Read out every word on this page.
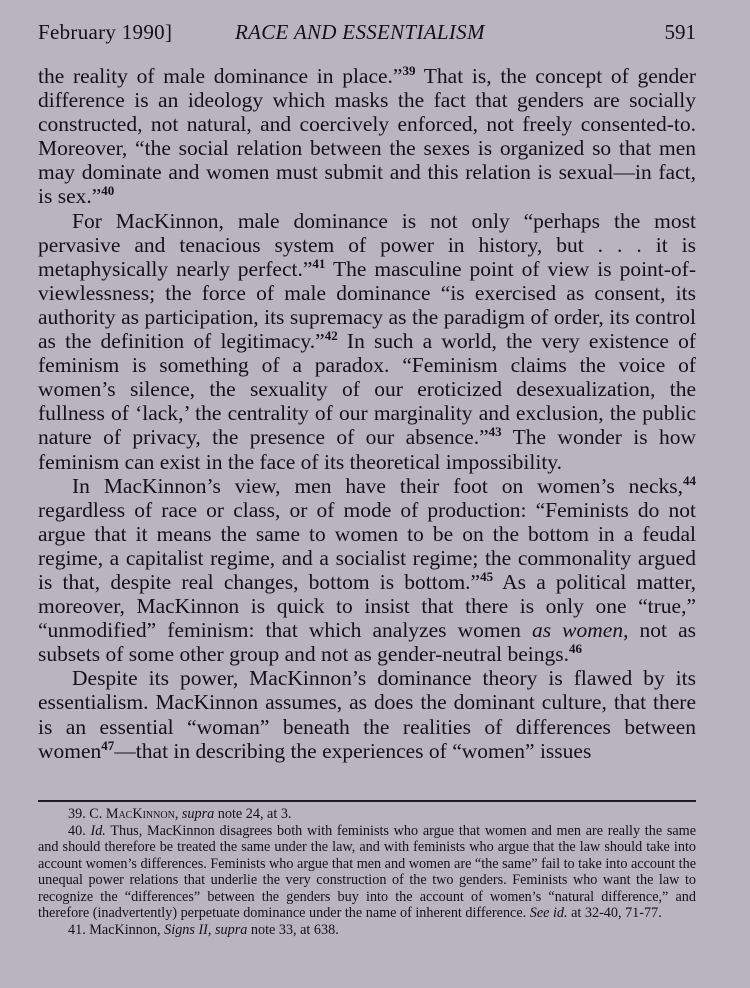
February 1990]	RACE AND ESSENTIALISM	591

the reality of male dominance in place.”$^{39}$ That is, the concept of gender difference is an ideology which masks the fact that genders are socially constructed, not natural, and coercively enforced, not freely consented-to. Moreover, “the social relation between the sexes is organized so that men may dominate and women must submit and this relation is sexual—in fact, is sex.”$^{40}$

For MacKinnon, male dominance is not only “perhaps the most pervasive and tenacious system of power in history, but . . . it is metaphysically nearly perfect.”$^{41}$ The masculine point of view is point-of-viewlessness; the force of male dominance “is exercised as consent, its authority as participation, its supremacy as the paradigm of order, its control as the definition of legitimacy.”$^{42}$ In such a world, the very existence of feminism is something of a paradox. “Feminism claims the voice of women’s silence, the sexuality of our eroticized desexualization, the fullness of ‘lack,’ the centrality of our marginality and exclusion, the public nature of privacy, the presence of our absence.”$^{43}$ The wonder is how feminism can exist in the face of its theoretical impossibility.

In MacKinnon’s view, men have their foot on women’s necks,$^{44}$ regardless of race or class, or of mode of production: “Feminists do not argue that it means the same to women to be on the bottom in a feudal regime, a capitalist regime, and a socialist regime; the commonality argued is that, despite real changes, bottom is bottom.”$^{45}$ As a political matter, moreover, MacKinnon is quick to insist that there is only one “true,” “unmodified” feminism: that which analyzes women as women, not as subsets of some other group and not as gender-neutral beings.$^{46}$

Despite its power, MacKinnon’s dominance theory is flawed by its essentialism. MacKinnon assumes, as does the dominant culture, that there is an essential “woman” beneath the realities of differences between women$^{47}$—that in describing the experiences of “women” issues

39. C. MacKinnon, supra note 24, at 3.

40. Id. Thus, MacKinnon disagrees both with feminists who argue that women and men are really the same and should therefore be treated the same under the law, and with feminists who argue that the law should take into account women’s differences. Feminists who argue that men and women are “the same” fail to take into account the unequal power relations that underlie the very construction of the two genders. Feminists who want the law to recognize the “differences” between the genders buy into the account of women’s “natural difference,” and therefore (inadvertently) perpetuate dominance under the name of inherent difference. See id. at 32-40, 71-77.

41. MacKinnon, Signs II, supra note 33, at 638.
